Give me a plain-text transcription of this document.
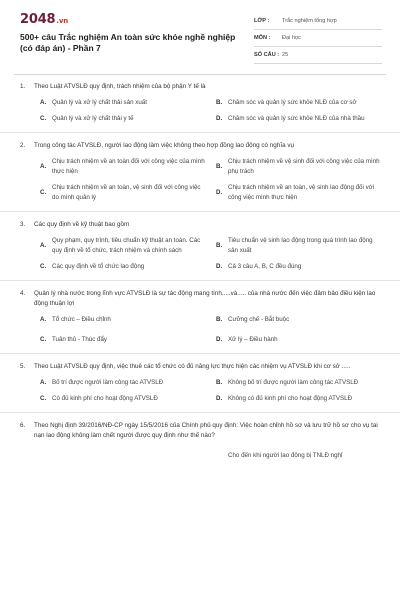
2048.vn
500+ câu Trắc nghiệm An toàn sức khỏe nghề nghiệp (có đáp án) - Phần 7
LỚP :	Trắc nghiệm tổng hợp
MÔN :	Đại học
SỐ CÂU : 25
1.	Theo Luật ATVSLĐ quy định, trách nhiệm của bộ phận Y tế là
A. Quản lý và xử lý chất thải sản xuất	B. Chăm sóc và quản lý sức khỏe NLĐ của cơ sở
C. Quản lý và xử lý chất thải y tế	D. Chăm sóc và quản lý sức khỏe NLĐ của nhà thầu
2.	Trong công tác ATVSLĐ, người lao động làm việc không theo hợp đồng lao động có nghĩa vụ
A.
Chịu trách nhiệm về an toàn đối với công việc của mình thực hiện
B.
Chịu trách nhiệm về vệ sinh đối với công việc của mình phụ trách
C.
Chịu trách nhiệm về an toàn, vệ sinh đối với công việc do mình quản lý
D.
Chịu trách nhiệm về an toàn, vệ sinh lao động đối với công việc mình thực hiện
3.	Các quy định về kỹ thuật bao gồm
A.
Quy phạm, quy trình, tiêu chuẩn kỹ thuật an toàn. Các quy định về tổ chức, trách nhiệm và chính sách
B.
Tiêu chuẩn vệ sinh lao động trong quá trình lao động sản xuất
C. Các quy định về tổ chức lao động	D. Cả 3 câu A, B, C đều đúng
4.	Quản lý nhà nước trong lĩnh vực ATVSLĐ là sự tác động mang tính.....và..... của nhà nước đến việc đảm bảo điều kiện lao động thuận lợi
A. Tổ chức – Điều chỉnh	B. Cưỡng chế - Bắt buộc
C. Tuân thủ - Thúc đẩy	D. Xử lý – Điều hành
5.	Theo Luật ATVSLĐ quy định, việc thuê các tổ chức có đủ năng lực thực hiện các nhiệm vụ ATVSLĐ khi cơ sở .....
A. Bố trí được người làm công tác ATVSLĐ	B. Không bố trí được người làm công tác ATVSLĐ
C. Có đủ kinh phí cho hoạt động ATVSLĐ	D. Không có đủ kinh phí cho hoạt động ATVSLĐ
6.	Theo Nghị định 39/2016/NĐ-CP ngày 15/5/2016 của Chính phủ quy định: Việc hoàn chỉnh hồ sơ và lưu trữ hồ sơ cho vụ tai nạn lao động không làm chết người được quy định như thế nào?
Cho đến khi người lao động bị TNLĐ nghỉ
